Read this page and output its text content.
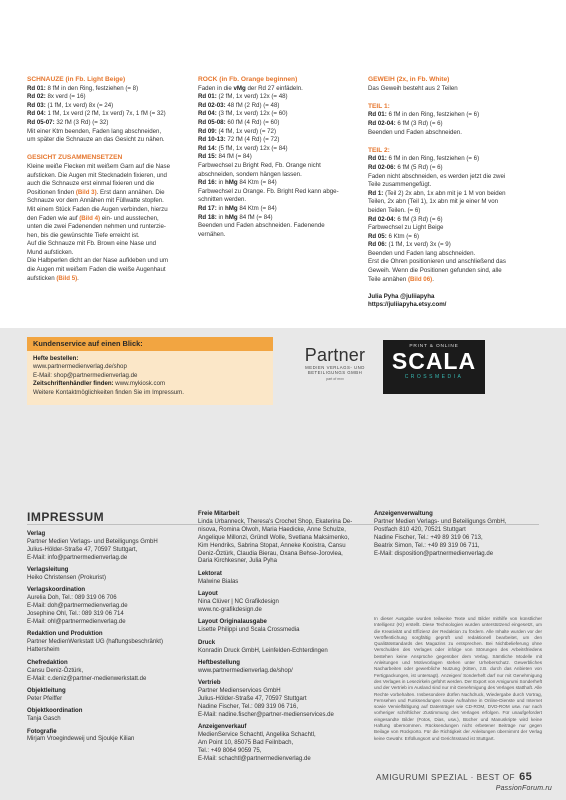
SCHNAUZE (in Fb. Light Beige)
Rd 01: 8 fM in den Ring, festziehen (= 8)
Rd 02: 8x verd (= 16)
Rd 03: (1 fM, 1x verd) 8x (= 24)
Rd 04: 1 fM, 1x verd (2 fM, 1x verd) 7x, 1 fM (= 32)
Rd 05-07: 32 fM (3 Rd) (= 32)
Mit einer Ktm beenden, Faden lang abschneiden,
um später die Schnauze an das Gesicht zu nähen.
GESICHT ZUSAMMENSETZEN
Kleine weiße Flecken mit weißem Garn auf die Nase
aufsticken. Die Augen mit Stecknadeln fixieren, und
auch die Schnauze erst einmal fixieren und die
Positionen finden (Bild 3). Erst dann annähen. Die
Schnauze vor dem Annähen mit Füllwatte stopfen.
Mit einem Stück Faden die Augen verbinden, hierzu
den Faden wie auf (Bild 4) ein- und ausstechen,
unten die zwei Fadenenden nehmen und runterzie-
hen, bis die gewünschte Tiefe erreicht ist.
Auf die Schnauze mit Fb. Brown eine Nase und
Mund aufsticken.
Die Halbperlen dicht an der Nase aufkleben und um
die Augen mit weißem Faden die weiße Augenhaut
aufsticken (Bild 5).
ROCK (in Fb. Orange beginnen)
Faden in die vMg der Rd 27 einfädeln.
Rd 01: (2 fM, 1x verd) 12x (= 48)
Rd 02-03: 48 fM (2 Rd) (= 48)
Rd 04: (3 fM, 1x verd) 12x (= 60)
Rd 05-08: 60 fM (4 Rd) (= 60)
Rd 09: (4 fM, 1x verd) (= 72)
Rd 10-13: 72 fM (4 Rd) (= 72)
Rd 14: (5 fM, 1x verd) 12x (= 84)
Rd 15: 84 fM (= 84)
Farbwechsel zu Bright Red, Fb. Orange nicht
abschneiden, sondern hängen lassen.
Rd 16: in hMg 84 Ktm (= 84)
Farbwechsel zu Orange. Fb. Bright Red kann abge-
schnitten werden.
Rd 17: in hMg 84 Ktm (= 84)
Rd 18: in hMg 84 fM (= 84)
Beenden und Faden abschneiden. Fadenende
vernähen.
GEWEIH (2x, in Fb. White)
Das Geweih besteht aus 2 Teilen
TEIL 1:
Rd 01: 6 fM in den Ring, festziehen (= 6)
Rd 02-04: 6 fM (3 Rd) (= 6)
Beenden und Faden abschneiden.
TEIL 2:
Rd 01: 6 fM in den Ring, festziehen (= 6)
Rd 02-06: 6 fM (5 Rd) (= 6)
Faden nicht abschneiden, es werden jetzt die zwei
Teile zusammengefügt.
Rd 1: (Teil 2) 2x abn, 1x abn mit je 1 M von beiden
Teilen, 2x abn (Teil 1), 1x abn mit je einer M von
beiden Teilen. (= 6)
Rd 02-04: 6 fM (3 Rd) (= 6)
Farbwechsel zu Light Beige
Rd 05: 6 Ktm (= 6)
Rd 06: (1 fM, 1x verd) 3x (= 9)
Beenden und Faden lang abschneiden.
Erst die Ohren positionieren und anschließend das
Geweih. Wenn die Positionen gefunden sind, alle
Teile annähen (Bild 06).
Julia Pyha @juliiapyha
https://juliiapyha.etsy.com/
Kundenservice auf einen Blick:
Hefte bestellen:
www.partnermedienverlag.de/shop
E-Mail: shop@partnermedienverlag.de
Zeitschriftenhändler finden: www.mykiosk.com
Weitere Kontaktmöglichkeiten finden Sie im Impressum.
Partner
MEDIEN VERLAGS- UND
BETEILIGUNGS GMBH
part of mxv
PRINT & ONLINE
SCALA
CROSSMEDIA
IMPRESSUM
Verlag
Partner Medien Verlags- und Beteiligungs GmbH
Julius-Hölder-Straße 47, 70597 Stuttgart,
E-Mail: info@partnermedienverlag.de
Verlagsleitung
Heiko Christensen (Prokurist)
Verlagskoordination
Aurelia Doh, Tel.: 089 319 06 706
E-Mail: doh@partnermedienverlag.de
Josephine Ohl, Tel.: 089 319 06 714
E-Mail: ohl@partnermedienverlag.de
Redaktion und Produktion
Partner MedienWerkstatt UG (haftungsbeschränkt)
Hattersheim
Chefredaktion
Cansu Deniz-Öztürk,
E-Mail: c.deniz@partner-medienwerkstatt.de
Objektleitung
Peter Pfeiffer
Objektkoordination
Tanja Gasch
Fotografie
Mirjam Vroegindeweij und Sjoukje Kilian
Freie Mitarbeit
Linda Urbanneck, Theresa's Crochet Shop, Ekaterina De-
nisova, Romina Olwoh, Maria Haedicke, Anne Schulze,
Angelique Millonzi, Gründl Wolle, Svetlana Maksimenko,
Kim Hendriks, Sabrina Stopat, Anneke Kooistra, Cansu
Deniz-Öztürk, Claudia Bierau, Oxana Behse-Jorovlea,
Daria Kirchkesner, Julia Pyha
Lektorat
Malwine Bialas
Layout
Nina Clüver | NC Grafikdesign
www.nc-grafikdesign.de
Layout Originalausgabe
Lisette Philippi und Scala Crossmedia
Druck
Konradin Druck GmbH, Leinfelden-Echterdingen
Heftbestellung
www.partnermedienverlag.de/shop/
Vertrieb
Partner Medienservices GmbH
Julius-Hölder-Straße 47, 70597 Stuttgart
Nadine Fischer, Tel.: 089 319 06 716,
E-Mail: nadine.fischer@partner-medienservices.de
Anzeigenverkauf
MedienService Schachtl, Angelika Schachtl,
Am Point 10, 85075 Bad Feilnbach,
Tel.: +49 8064 9059 75,
E-Mail: schachtl@partnermedienverlag.de
Anzeigenverwaltung
Partner Medien Verlags- und Beteiligungs GmbH,
Postfach 810 420, 70521 Stuttgart
Nadine Fischer, Tel.: +49 89 319 06 713,
Beatrix Simon, Tel.: +49 89 319 06 711,
E-Mail: disposition@partnermedienverlag.de
In dieser Ausgabe wurden teilweise Texte und Bilder mithilfe von künstlicher Intelligenz (KI) erstellt. Diese Technologien wurden unterstützend eingesetzt, um die Kreativität und Effizienz der Redaktion zu fördern. Alle Inhalte wurden vor der Veröffentlichung sorgfältig geprüft und redaktionell bearbeitet, um den Qualitätsstandards des Magazins zu entsprechen. Bei Nichtbelieferung ohne Verschulden des Verlages oder infolge von Störungen des Arbeitsfriedens bestehen keine Ansprüche gegenüber dem Verlag. Sämtliche Modelle mit Anleitungen und Motivvorlagen stehen unter Urheberschutz. Gewerbliches Nacharbeiten oder gewerbliche Nutzung (Kitten, z.B. durch das Anbieten von Fertigpackungen, ist untersagt). Anzeigen/ Sonderheft darf nur mit Genehmigung des Verlages in Lesezirkeln geführt werden. Der Export von Amigurumi Sonderheft und der Vertrieb im Ausland sind nur mit Genehmigung des Verlages statthaft. Alle Rechte vorbehalten. Insbesondere dürfen Nachdruck, Wiedergabe durch Vortrag, Fernsehen und Funksendungen sowie Aufnahme in Online-Dienste und Internet sowie Vervielfältigung auf Datenträger wie CD-ROM, DVD-ROM usw. nur nach vorheriger schriftlicher Zustimmung des Verlages erfolgen. Für unaufgefordert eingesandte Bilder (Fotos, Dias, usw.), Bücher und Manuskripte wird keine Haftung übernommen. Rücksendungen nicht erbetener Beiträge nur gegen Beilage von Rückporto. Für die Richtigkeit der Anleitungen übernimmt der Verlag keine Gewähr. Erfüllungsort und Gerichtsstand ist Stuttgart.
AMIGURUMI SPEZIAL · BEST OF 65
PassionForum.ru
